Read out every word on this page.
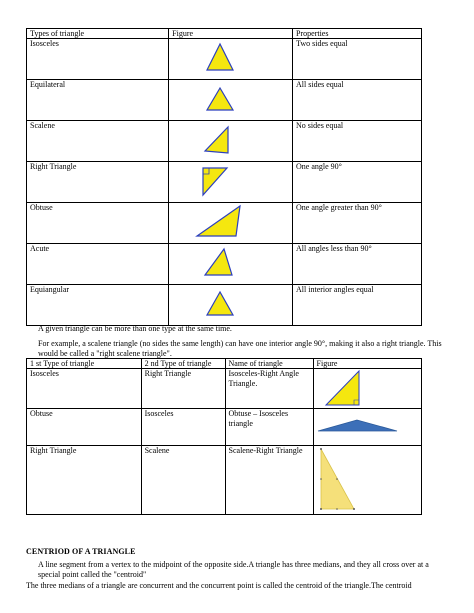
Types of triangle	Figure	Properties
Isosceles		Two sides equal
Equilateral		All sides equal
Scalene		No sides equal
Right Triangle		One angle 90°
Obtuse		One angle greater than 90°
Acute		All angles less than 90°
Equiangular		All interior angles equal

A given triangle can be more than one type at the same time.

For example, a scalene triangle (no sides the same length) can have one interior angle 90°, making it also a right triangle. This would be called a "right scalene triangle".

1 st Type of triangle	2 nd Type of triangle	Name of triangle	Figure
Isosceles	Right Triangle	Isosceles-Right Angle Triangle.	

Obtuse	Isosceles	Obtuse – Isosceles triangle	

Right Triangle	Scalene	Scalene-Right Triangle	

CENTRIOD OF A TRIANGLE

A line segment from a vertex to the midpoint of the opposite side.A triangle has three medians, and they all cross over at a special point called the "centroid"

The three medians of a triangle are concurrent and the concurrent point is called the centroid of the triangle.The centroid
